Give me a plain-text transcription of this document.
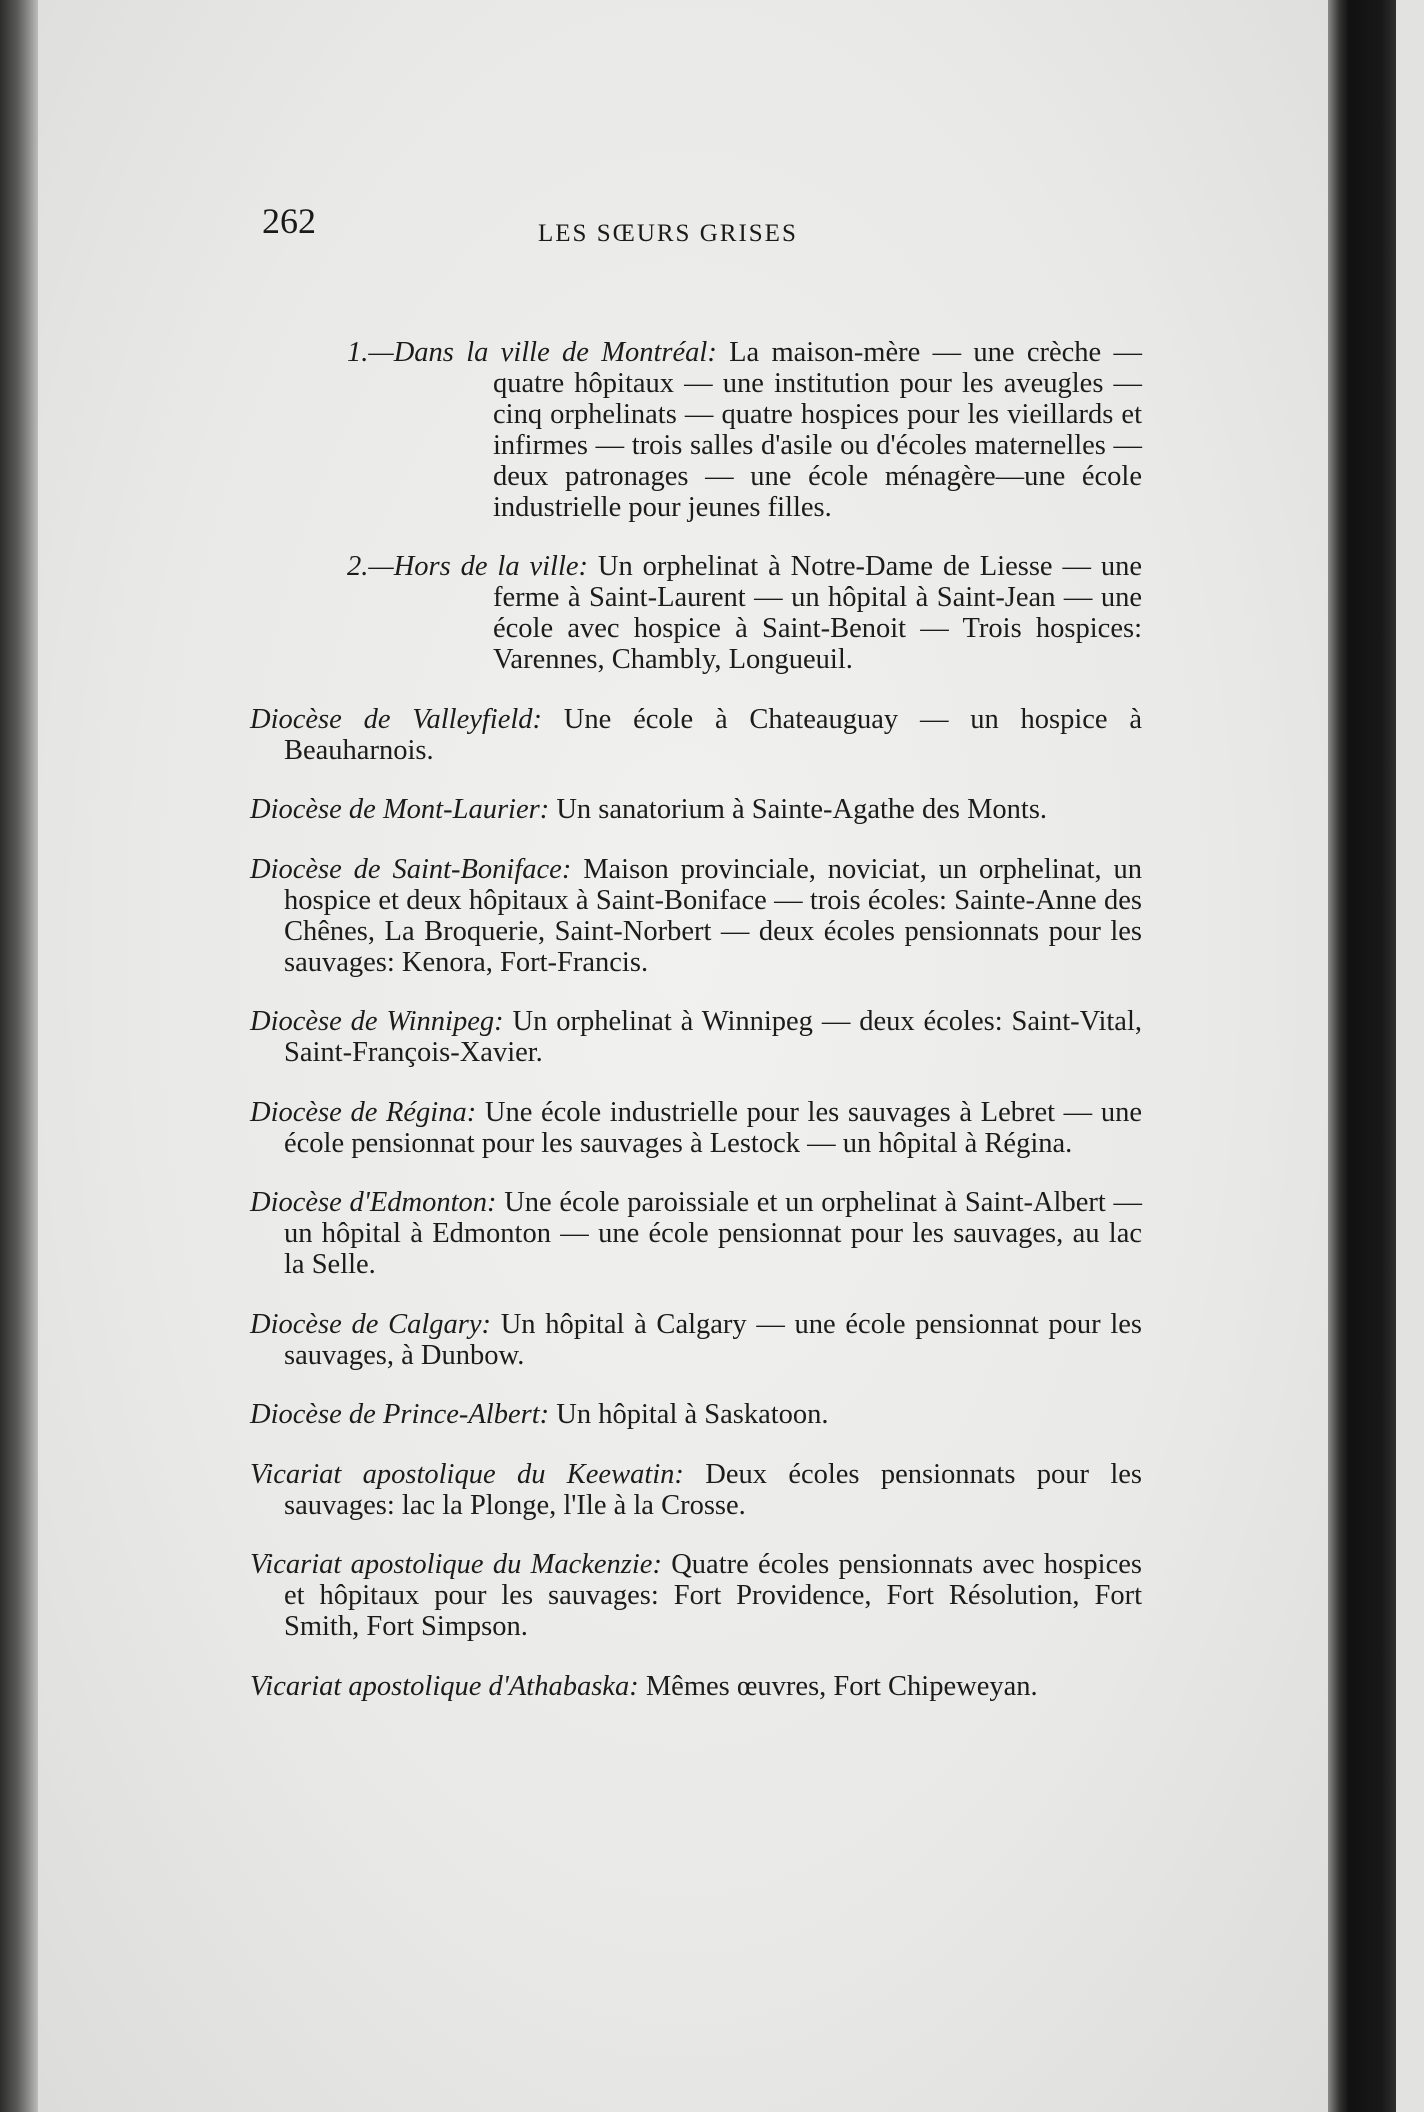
262	LES SŒURS GRISES

1.—Dans la ville de Montréal: La maison-mère — une crèche — quatre hôpitaux — une institution pour les aveugles — cinq orphelinats — quatre hospices pour les vieillards et infirmes — trois salles d'asile ou d'écoles maternelles — deux patronages — une école ménagère—une école industrielle pour jeunes filles.

2.—Hors de la ville: Un orphelinat à Notre-Dame de Liesse — une ferme à Saint-Laurent — un hôpital à Saint-Jean — une école avec hospice à Saint-Benoit — Trois hospices: Varennes, Chambly, Longueuil.

Diocèse de Valleyfield: Une école à Chateauguay — un hospice à Beauharnois.

Diocèse de Mont-Laurier: Un sanatorium à Sainte-Agathe des Monts.

Diocèse de Saint-Boniface: Maison provinciale, noviciat, un orphelinat, un hospice et deux hôpitaux à Saint-Boniface — trois écoles: Sainte-Anne des Chênes, La Broquerie, Saint-Norbert — deux écoles pensionnats pour les sauvages: Kenora, Fort-Francis.

Diocèse de Winnipeg: Un orphelinat à Winnipeg — deux écoles: Saint-Vital, Saint-François-Xavier.

Diocèse de Régina: Une école industrielle pour les sauvages à Lebret — une école pensionnat pour les sauvages à Lestock — un hôpital à Régina.

Diocèse d'Edmonton: Une école paroissiale et un orphelinat à Saint-Albert — un hôpital à Edmonton — une école pensionnat pour les sauvages, au lac la Selle.

Diocèse de Calgary: Un hôpital à Calgary — une école pensionnat pour les sauvages, à Dunbow.

Diocèse de Prince-Albert: Un hôpital à Saskatoon.

Vicariat apostolique du Keewatin: Deux écoles pensionnats pour les sauvages: lac la Plonge, l'Ile à la Crosse.

Vicariat apostolique du Mackenzie: Quatre écoles pensionnats avec hospices et hôpitaux pour les sauvages: Fort Providence, Fort Résolution, Fort Smith, Fort Simpson.

Vicariat apostolique d'Athabaska: Mêmes œuvres, Fort Chipeweyan.
